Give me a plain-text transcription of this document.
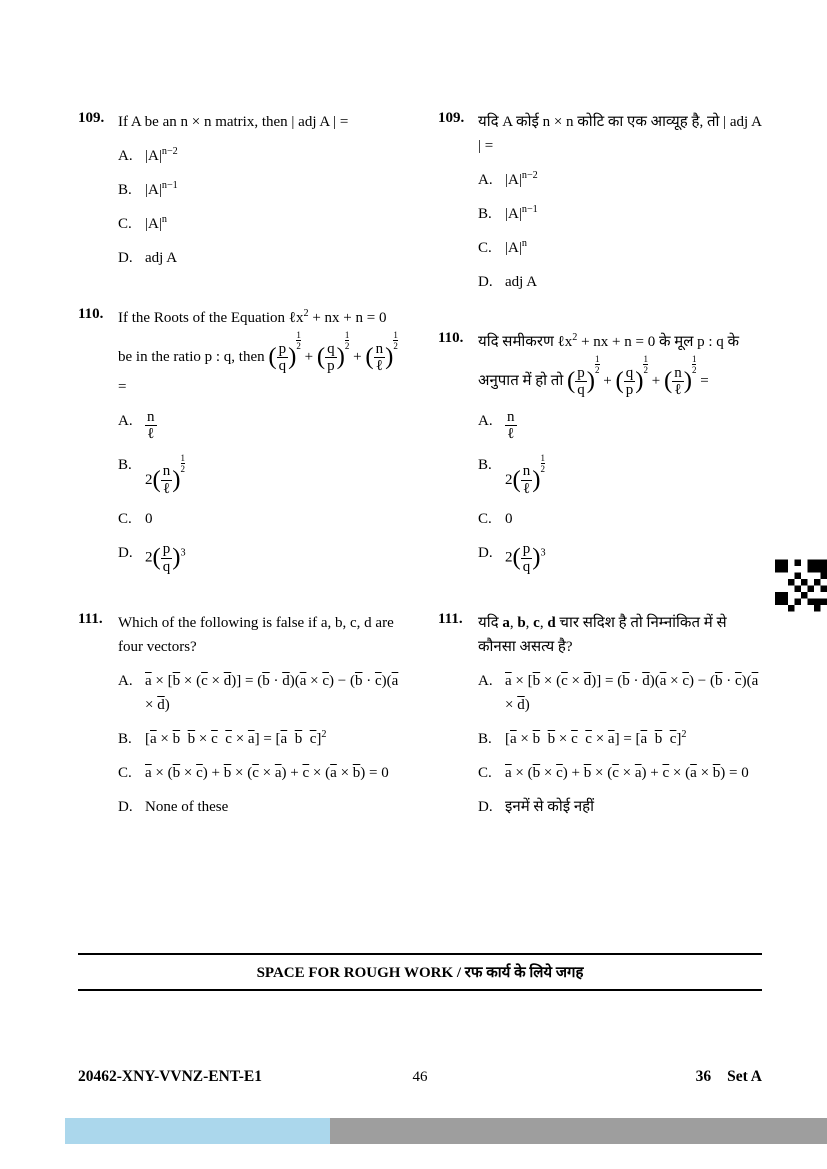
109. If A be an n × n matrix, then | adj A | =
A. $|A|^{n-2}$
B. $|A|^{n-1}$
C. $|A|^n$
D. adj A
110. If the Roots of the Equation ℓx$^2$ + nx + n = 0 be in the ratio p : q, then ( $\frac{p}{q}$ )
$\frac{1}{2}$
+ ( $\frac{q}{p}$ )
$\frac{1}{2}$
+ ( $\frac{n}{\text{ℓ}}$ )
$\frac{1}{2}$
=
A. $\frac{n}{\text{ℓ}}$
B.
$2( \frac{n}{\text{ℓ}}$ )
$\frac{1}{2}$
C. 0
D. $2( \frac{p}{q} )^3$
111.	Which of the following is false if a, b, c, d are four vectors?
A. $\overline{a} \times [\overline{b} \times (\overline{c} \times \overline{d})] = (\overline{b} \cdot \overline{d})(\overline{a} \times \overline{c}) - (\overline{b} \cdot \overline{c})(\overline{a} \times \overline{d})$
B. [$\overline{a} \times \overline{b}$  $\overline{b} \times \overline{c}$  $\overline{c} \times \overline{a}] = [\overline{a}$  $\overline{b}$  $\overline{c}]^2$
C. $\overline{a} \times (\overline{b} \times \overline{c}) + \overline{b} \times (\overline{c} \times \overline{a}) + \overline{c} \times (\overline{a} \times \overline{b}) = 0$
D. None of these
109. यदि A कोई n × n कोटि का एक आव्यूह है, तो | adj A | =
A. $|A|^{n-2}$
B. $|A|^{n-1}$
C. $|A|^n$
D. adj A
110. यदि समीकरण ℓx$^2$ + nx + n = 0 के मूल p : q के अनुपात में हो तो ( $\frac{p}{q}$ )
$\frac{1}{2}$
+ ( $\frac{q}{p}$ )
$\frac{1}{2}$
+ ( $\frac{n}{\text{ℓ}}$ )
$\frac{1}{2}$
=
A. $\frac{n}{\text{ℓ}}$
B.
$2( \frac{n}{\text{ℓ}}$ )
$\frac{1}{2}$
C. 0
D. $2( \frac{p}{q} )^3$
111.	यदि a, b, c, d चार सदिश है तो निम्नांकित में से कौनसा असत्य है?
A. $\overline{a} \times [\overline{b} \times (\overline{c} \times \overline{d})] = (\overline{b} \cdot \overline{d})(\overline{a} \times \overline{c}) - (\overline{b} \cdot \overline{c})(\overline{a} \times \overline{d})$
B. [$\overline{a} \times \overline{b}$  $\overline{b} \times \overline{c}$  $\overline{c} \times \overline{a}] = [\overline{a}$  $\overline{b}$  $\overline{c}]^2$
C. $\overline{a} \times (\overline{b} \times \overline{c}) + \overline{b} \times (\overline{c} \times \overline{a}) + \overline{c} \times (\overline{a} \times \overline{b}) = 0$
D. इनमें से कोई नहीं
SPACE FOR ROUGH WORK / रफ कार्य के लिये जगह
20462-XNY-VVNZ-ENT-E1	46	36 Set A
